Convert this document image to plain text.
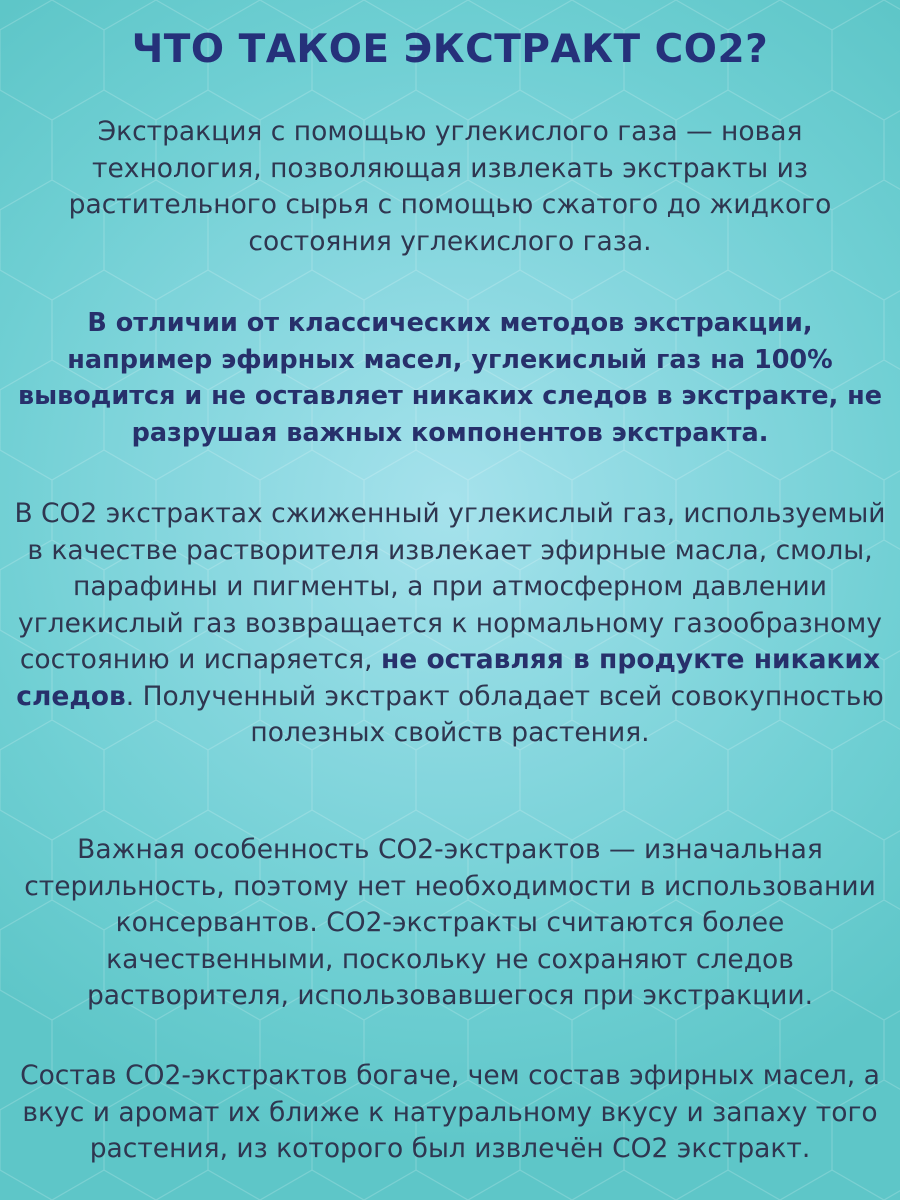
ЧТО ТАКОЕ ЭКСТРАКТ СО2?

Экстракция с помощью углекислого газа — новая технология, позволяющая извлекать экстракты из растительного сырья с помощью сжатого до жидкого состояния углекислого газа.

В отличии от классических методов экстракции, например эфирных масел, углекислый газ на 100% выводится и не оставляет никаких следов в экстракте, не разрушая важных компонентов экстракта.

В СО2 экстрактах сжиженный углекислый газ, используемый в качестве растворителя извлекает эфирные масла, смолы, парафины и пигменты, а при атмосферном давлении углекислый газ возвращается к нормальному газообразному состоянию и испаряется, не оставляя в продукте никаких следов. Полученный экстракт обладает всей совокупностью полезных свойств растения.

Важная особенность СО2-экстрактов — изначальная стерильность, поэтому нет необходимости в использовании консервантов. СО2-экстракты считаются более качественными, поскольку не сохраняют следов растворителя, использовавшегося при экстракции.

Состав СО2-экстрактов богаче, чем состав эфирных масел, а вкус и аромат их ближе к натуральному вкусу и запаху того растения, из которого был извлечён СО2 экстракт.
